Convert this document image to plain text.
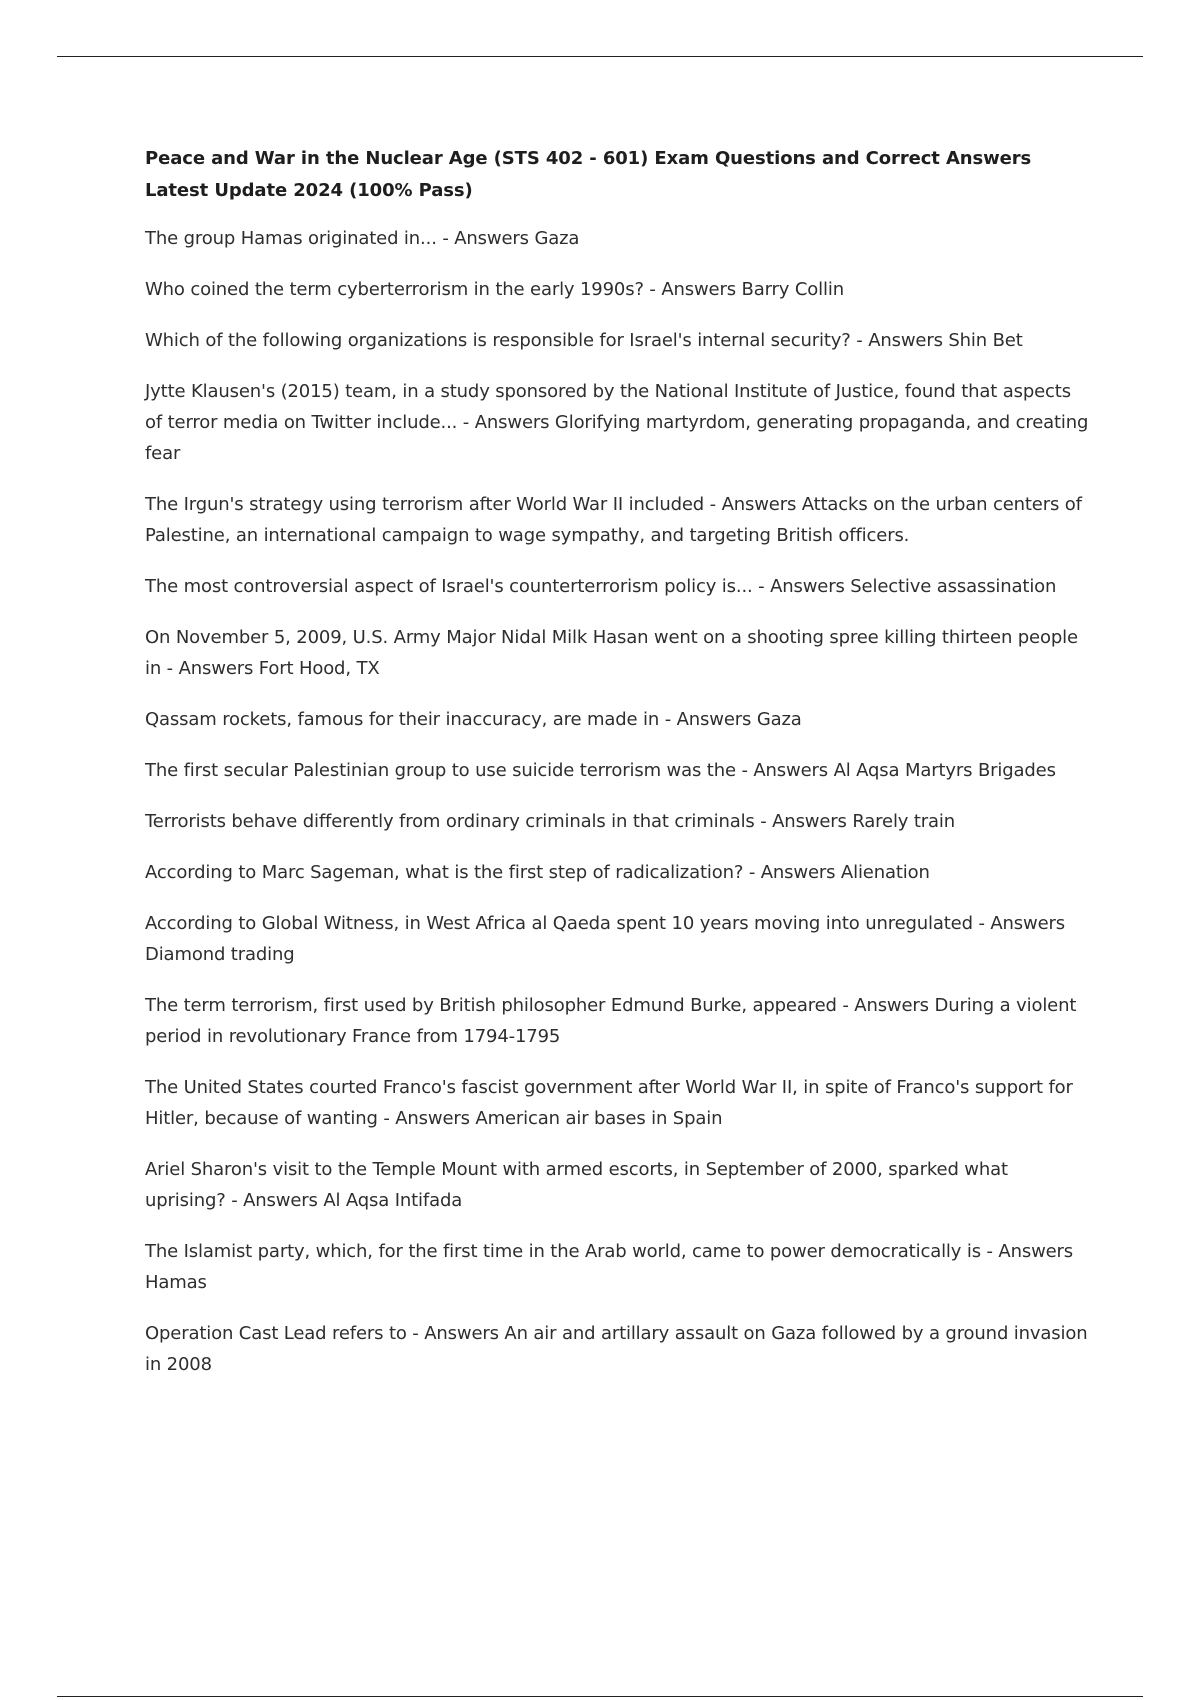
Peace and War in the Nuclear Age (STS 402 - 601) Exam Questions and Correct Answers Latest Update 2024 (100% Pass)
The group Hamas originated in... - Answers Gaza
Who coined the term cyberterrorism in the early 1990s? - Answers Barry Collin
Which of the following organizations is responsible for Israel's internal security? - Answers Shin Bet
Jytte Klausen's (2015) team, in a study sponsored by the National Institute of Justice, found that aspects of terror media on Twitter include... - Answers Glorifying martyrdom, generating propaganda, and creating fear
The Irgun's strategy using terrorism after World War II included - Answers Attacks on the urban centers of Palestine, an international campaign to wage sympathy, and targeting British officers.
The most controversial aspect of Israel's counterterrorism policy is... - Answers Selective assassination
On November 5, 2009, U.S. Army Major Nidal Milk Hasan went on a shooting spree killing thirteen people in - Answers Fort Hood, TX
Qassam rockets, famous for their inaccuracy, are made in - Answers Gaza
The first secular Palestinian group to use suicide terrorism was the - Answers Al Aqsa Martyrs Brigades
Terrorists behave differently from ordinary criminals in that criminals - Answers Rarely train
According to Marc Sageman, what is the first step of radicalization? - Answers Alienation
According to Global Witness, in West Africa al Qaeda spent 10 years moving into unregulated - Answers Diamond trading
The term terrorism, first used by British philosopher Edmund Burke, appeared - Answers During a violent period in revolutionary France from 1794-1795
The United States courted Franco's fascist government after World War II, in spite of Franco's support for Hitler, because of wanting - Answers American air bases in Spain
Ariel Sharon's visit to the Temple Mount with armed escorts, in September of 2000, sparked what uprising? - Answers Al Aqsa Intifada
The Islamist party, which, for the first time in the Arab world, came to power democratically is - Answers Hamas
Operation Cast Lead refers to - Answers An air and artillary assault on Gaza followed by a ground invasion in 2008
